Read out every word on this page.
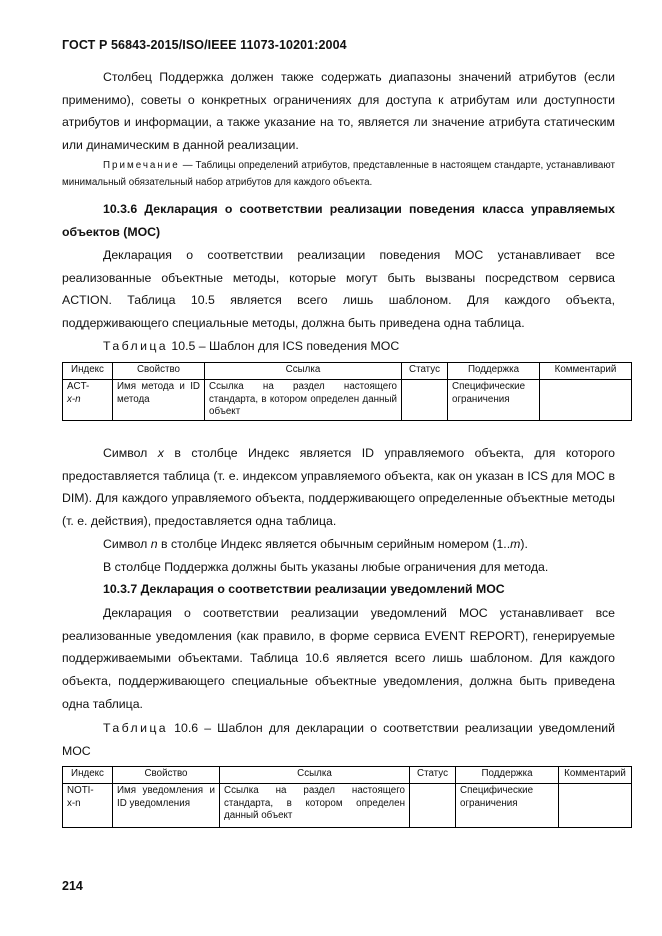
ГОСТ Р 56843-2015/ISO/IEEE 11073-10201:2004

Столбец Поддержка должен также содержать диапазоны значений атрибутов (если применимо), советы о конкретных ограничениях для доступа к атрибутам или доступности атрибутов и информации, а также указание на то, является ли значение атрибута статическим или динамическим в данной реализации.

Примечание — Таблицы определений атрибутов, представленные в настоящем стандарте, устанавливают минимальный обязательный набор атрибутов для каждого объекта.

10.3.6 Декларация о соответствии реализации поведения класса управляемых объектов (МОС)

Декларация о соответствии реализации поведения МОС устанавливает все реализованные объектные методы, которые могут быть вызваны посредством сервиса ACTION. Таблица 10.5 является всего лишь шаблоном. Для каждого объекта, поддерживающего специальные методы, должна быть приведена одна таблица.

Таблица 10.5 – Шаблон для ICS поведения МОС

Индекс	Свойство	Ссылка	Статус	Поддержка	Комментарий
ACT-
x-n	Имя метода и ID метода	Ссылка на раздел настоящего стандарта, в котором определен данный объект		Специфические ограничения	

Символ x в столбце Индекс является ID управляемого объекта, для которого предоставляется таблица (т. е. индексом управляемого объекта, как он указан в ICS для МОС в DIM). Для каждого управляемого объекта, поддерживающего определенные объектные методы (т. е. действия), предоставляется одна таблица.

Символ n в столбце Индекс является обычным серийным номером (1..m).

В столбце Поддержка должны быть указаны любые ограничения для метода.

10.3.7 Декларация о соответствии реализации уведомлений МОС

Декларация о соответствии реализации уведомлений МОС устанавливает все реализованные уведомления (как правило, в форме сервиса EVENT REPORT), генерируемые поддерживаемыми объектами. Таблица 10.6 является всего лишь шаблоном. Для каждого объекта, поддерживающего специальные объектные уведомления, должна быть приведена одна таблица.

Таблица 10.6 – Шаблон для декларации о соответствии реализации уведомлений МОС

Индекс	Свойство	Ссылка	Статус	Поддержка	Комментарий
NOTI-
x-n	Имя уведомления и ID уведомления	Ссылка на раздел настоящего стандарта, в котором определен данный объект		Специфические ограничения	
214
